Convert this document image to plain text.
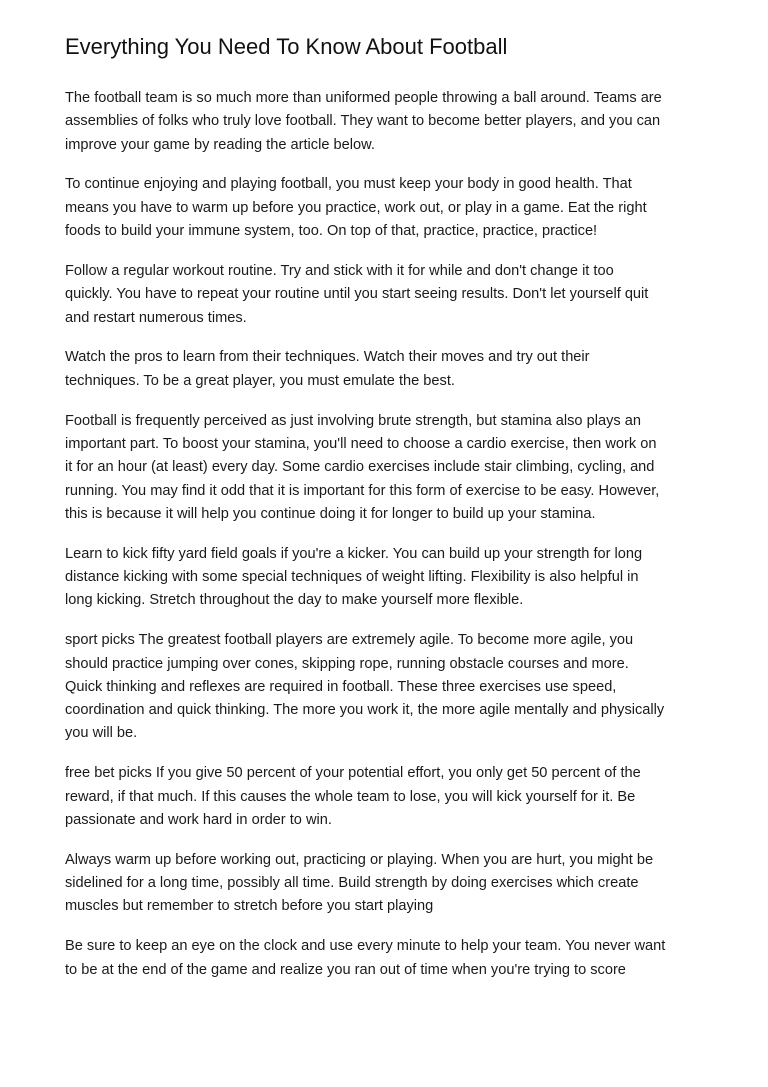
Everything You Need To Know About Football

The football team is so much more than uniformed people throwing a ball around. Teams are
assemblies of folks who truly love football. They want to become better players, and you can
improve your game by reading the article below.

To continue enjoying and playing football, you must keep your body in good health. That
means you have to warm up before you practice, work out, or play in a game. Eat the right
foods to build your immune system, too. On top of that, practice, practice, practice!

Follow a regular workout routine. Try and stick with it for while and don't change it too
quickly. You have to repeat your routine until you start seeing results. Don't let yourself quit
and restart numerous times.

Watch the pros to learn from their techniques. Watch their moves and try out their
techniques. To be a great player, you must emulate the best.

Football is frequently perceived as just involving brute strength, but stamina also plays an
important part. To boost your stamina, you'll need to choose a cardio exercise, then work on
it for an hour (at least) every day. Some cardio exercises include stair climbing, cycling, and
running. You may find it odd that it is important for this form of exercise to be easy. However,
this is because it will help you continue doing it for longer to build up your stamina.

Learn to kick fifty yard field goals if you're a kicker. You can build up your strength for long
distance kicking with some special techniques of weight lifting. Flexibility is also helpful in
long kicking. Stretch throughout the day to make yourself more flexible.

sport picks The greatest football players are extremely agile. To become more agile, you
should practice jumping over cones, skipping rope, running obstacle courses and more.
Quick thinking and reflexes are required in football. These three exercises use speed,
coordination and quick thinking. The more you work it, the more agile mentally and physically
you will be.

free bet picks If you give 50 percent of your potential effort, you only get 50 percent of the
reward, if that much. If this causes the whole team to lose, you will kick yourself for it. Be
passionate and work hard in order to win.

Always warm up before working out, practicing or playing. When you are hurt, you might be
sidelined for a long time, possibly all time. Build strength by doing exercises which create
muscles but remember to stretch before you start playing

Be sure to keep an eye on the clock and use every minute to help your team. You never want
to be at the end of the game and realize you ran out of time when you're trying to score
